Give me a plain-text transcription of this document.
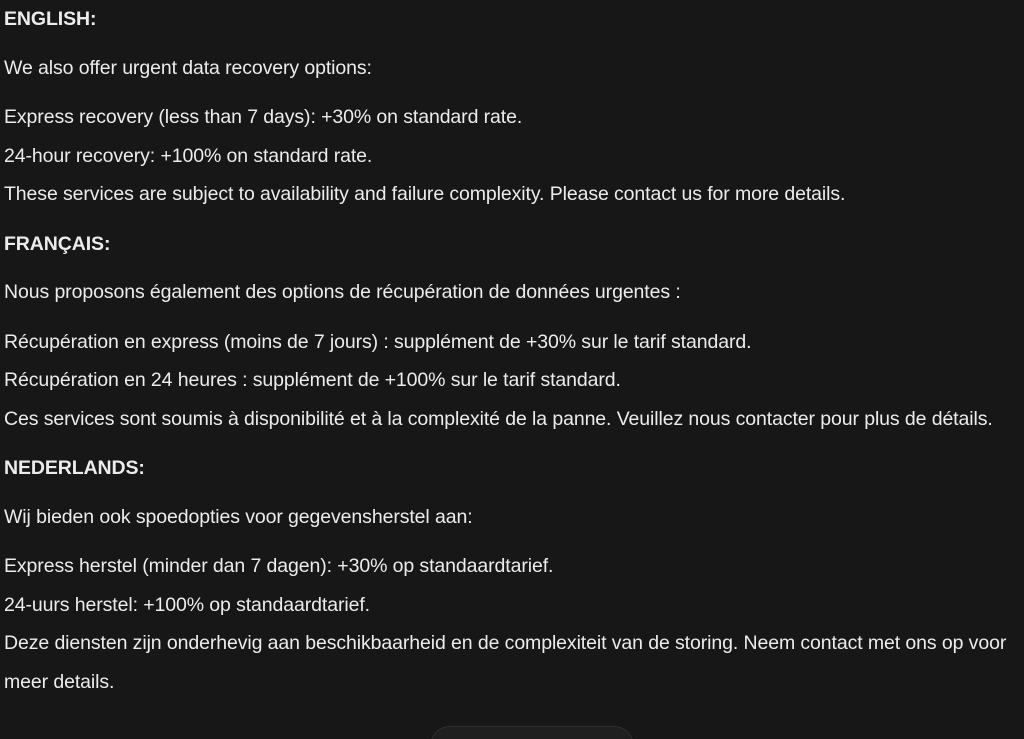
ENGLISH:

We also offer urgent data recovery options:

Express recovery (less than 7 days): +30% on standard rate.

24-hour recovery: +100% on standard rate.

These services are subject to availability and failure complexity. Please contact us for more details.

FRANÇAIS:

Nous proposons également des options de récupération de données urgentes :

Récupération en express (moins de 7 jours) : supplément de +30% sur le tarif standard.

Récupération en 24 heures : supplément de +100% sur le tarif standard.

Ces services sont soumis à disponibilité et à la complexité de la panne. Veuillez nous contacter pour plus de détails.

NEDERLANDS:

Wij bieden ook spoedopties voor gegevensherstel aan:

Express herstel (minder dan 7 dagen): +30% op standaardtarief.

24-uurs herstel: +100% op standaardtarief.

Deze diensten zijn onderhevig aan beschikbaarheid en de complexiteit van de storing. Neem contact met ons op voor meer details.
